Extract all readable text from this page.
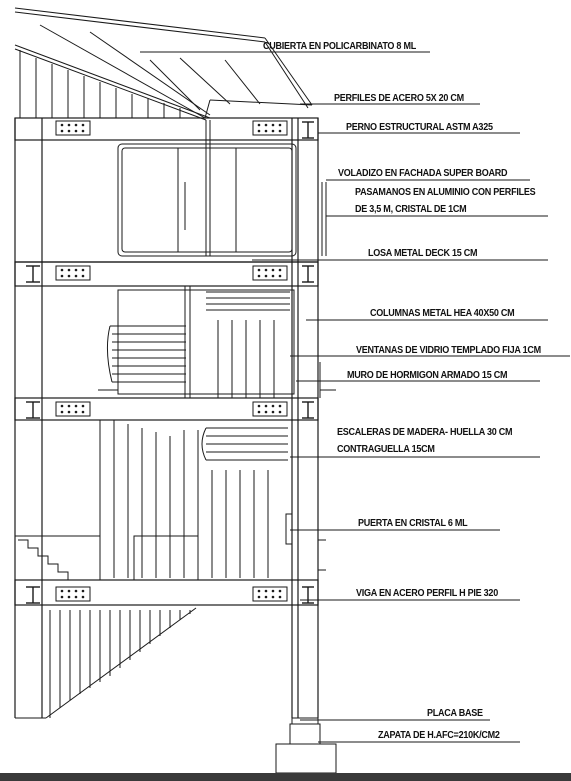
CUBIERTA EN POLICARBINATO 8 ML
PERFILES DE ACERO 5X 20 CM
PERNO ESTRUCTURAL ASTM A325
VOLADIZO EN FACHADA SUPER BOARD
PASAMANOS EN ALUMINIO CON PERFILES
DE 3,5 M, CRISTAL DE 1CM
LOSA METAL DECK 15 CM
COLUMNAS METAL HEA 40X50 CM
VENTANAS DE VIDRIO TEMPLADO FIJA 1CM
MURO DE HORMIGON ARMADO 15 CM
ESCALERAS DE MADERA- HUELLA 30 CM
CONTRAGUELLA 15CM
PUERTA EN CRISTAL 6 ML
VIGA EN ACERO PERFIL H PIE 320
PLACA BASE
ZAPATA DE H.AFC=210K/CM2
